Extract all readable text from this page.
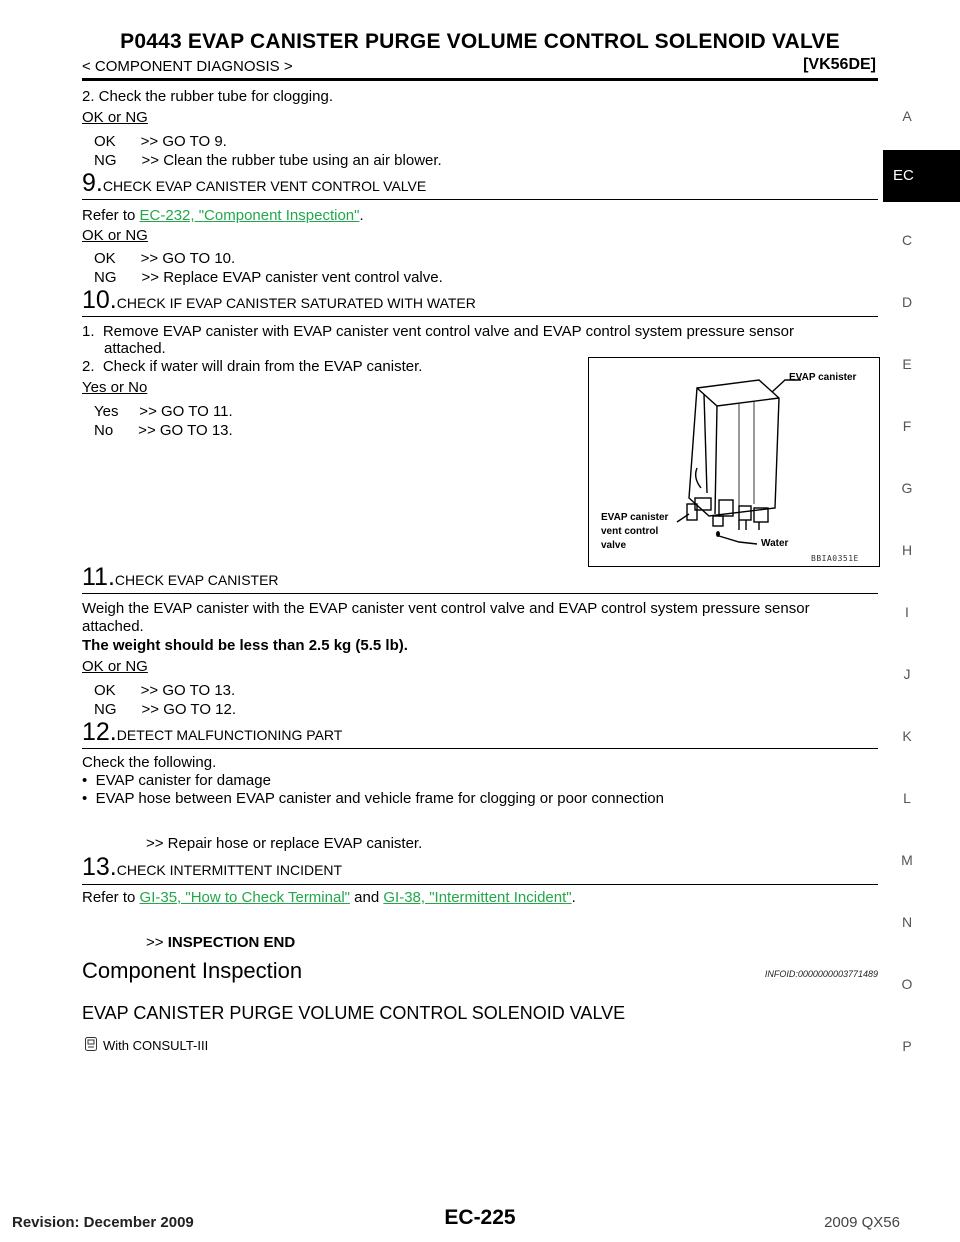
P0443 EVAP CANISTER PURGE VOLUME CONTROL SOLENOID VALVE
< COMPONENT DIAGNOSIS >	[VK56DE]
A
EC
C
D
E
F
G
H
I
J
K
L
M
N
O
P
2. Check the rubber tube for clogging.
OK or NG
OK      >> GO TO 9.
NG      >> Clean the rubber tube using an air blower.
9.CHECK EVAP CANISTER VENT CONTROL VALVE
Refer to EC-232, "Component Inspection".
OK or NG
OK      >> GO TO 10.
NG      >> Replace EVAP canister vent control valve.
10.CHECK IF EVAP CANISTER SATURATED WITH WATER
1.  Remove EVAP canister with EVAP canister vent control valve and EVAP control system pressure sensor
attached.
2.  Check if water will drain from the EVAP canister.
Yes or No
Yes     >> GO TO 11.
No      >> GO TO 13.
EVAP canister
EVAP canister
vent control
valve	Water
BBIA0351E
11.CHECK EVAP CANISTER
Weigh the EVAP canister with the EVAP canister vent control valve and EVAP control system pressure sensor
attached.
The weight should be less than 2.5 kg (5.5 lb).
OK or NG
OK      >> GO TO 13.
NG      >> GO TO 12.
12.DETECT MALFUNCTIONING PART
Check the following.
•  EVAP canister for damage
•  EVAP hose between EVAP canister and vehicle frame for clogging or poor connection
>> Repair hose or replace EVAP canister.
13.CHECK INTERMITTENT INCIDENT
Refer to GI-35, "How to Check Terminal" and GI-38, "Intermittent Incident".
>> INSPECTION END
Component Inspection	INFOID:0000000003771489
EVAP CANISTER PURGE VOLUME CONTROL SOLENOID VALVE
With CONSULT-III
Revision: December 2009	EC-225	2009 QX56
